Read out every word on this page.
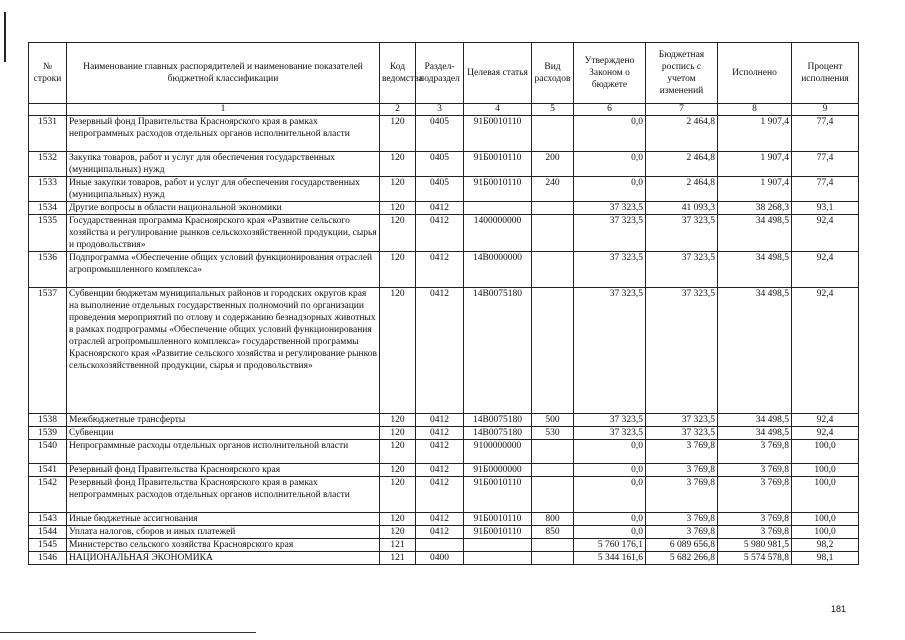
№ строки	Наименование главных распорядителей и наименование показателей бюджетной классификации	Код ведомства	Раздел-подраздел	Целевая статья	Вид расходов	Утверждено Законом о бюджете	Бюджетная роспись с учетом изменений	Исполнено	Процент исполнения
	1	2	3	4	5	6	7	8	9
1531	Резервный фонд Правительства Красноярского края в рамках непрограммных расходов отдельных органов исполнительной власти	120	0405	91Б0010110		0,0	2 464,8	1 907,4	77,4
1532	Закупка товаров, работ и услуг для обеспечения государственных (муниципальных) нужд	120	0405	91Б0010110	200	0,0	2 464,8	1 907,4	77,4
1533	Иные закупки товаров, работ и услуг для обеспечения государственных (муниципальных) нужд	120	0405	91Б0010110	240	0,0	2 464,8	1 907,4	77,4
1534	Другие вопросы в области национальной экономики	120	0412			37 323,5	41 093,3	38 268,3	93,1
1535	Государственная программа Красноярского края «Развитие сельского хозяйства и регулирование рынков сельскохозяйственной продукции, сырья и продовольствия»	120	0412	1400000000		37 323,5	37 323,5	34 498,5	92,4
1536	Подпрограмма «Обеспечение общих условий функционирования отраслей агропромышленного комплекса»	120	0412	14В0000000		37 323,5	37 323,5	34 498,5	92,4
1537	Субвенции бюджетам муниципальных районов и городских округов края на выполнение отдельных государственных полномочий по организации проведения мероприятий по отлову и содержанию безнадзорных животных в рамках подпрограммы «Обеспечение общих условий функционирования отраслей агропромышленного комплекса» государственной программы Красноярского края «Развитие сельского хозяйства и регулирование рынков сельскохозяйственной продукции, сырья и продовольствия»	120	0412	14В0075180		37 323,5	37 323,5	34 498,5	92,4
1538	Межбюджетные трансферты	120	0412	14В0075180	500	37 323,5	37 323,5	34 498,5	92,4
1539	Субвенции	120	0412	14В0075180	530	37 323,5	37 323,5	34 498,5	92,4
1540	Непрограммные расходы отдельных органов исполнительной власти	120	0412	9100000000		0,0	3 769,8	3 769,8	100,0
1541	Резервный фонд Правительства Красноярского края	120	0412	91Б0000000		0,0	3 769,8	3 769,8	100,0
1542	Резервный фонд Правительства Красноярского края в рамках непрограммных расходов отдельных органов исполнительной власти	120	0412	91Б0010110		0,0	3 769,8	3 769,8	100,0
1543	Иные бюджетные ассигнования	120	0412	91Б0010110	800	0,0	3 769,8	3 769,8	100,0
1544	Уплата налогов, сборов и иных платежей	120	0412	91Б0010110	850	0,0	3 769,8	3 769,8	100,0
1545	Министерство сельского хозяйства Красноярского края	121				5 760 176,1	6 089 656,8	5 980 981,5	98,2
1546	НАЦИОНАЛЬНАЯ ЭКОНОМИКА	121	0400			5 344 161,6	5 682 266,8	5 574 578,8	98,1
181
